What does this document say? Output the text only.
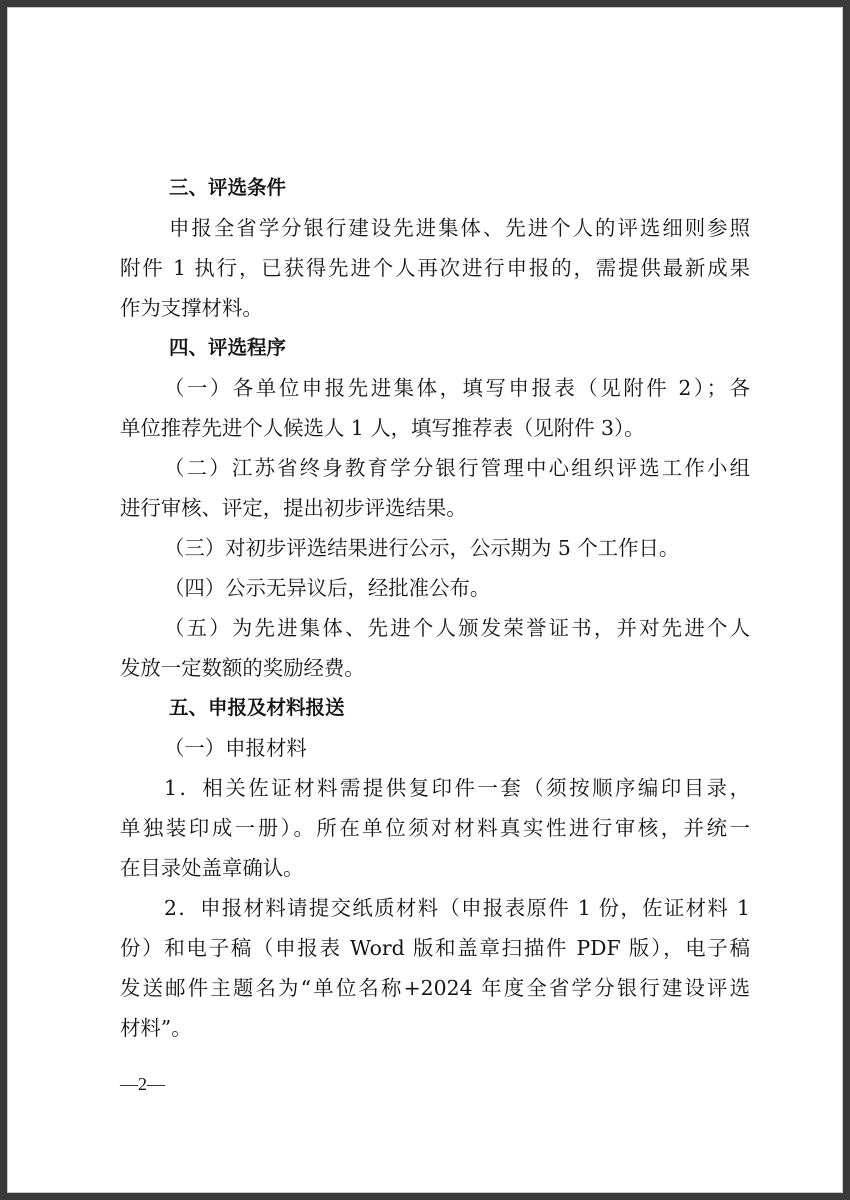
三、评选条件
申报全省学分银行建设先进集体、先进个人的评选细则参照
附件 1 执行，已获得先进个人再次进行申报的，需提供最新成果
作为支撑材料。
四、评选程序
（一）各单位申报先进集体，填写申报表（见附件 2）；各
单位推荐先进个人候选人 1 人，填写推荐表（见附件 3）。
（二）江苏省终身教育学分银行管理中心组织评选工作小组
进行审核、评定，提出初步评选结果。
（三）对初步评选结果进行公示，公示期为 5 个工作日。
（四）公示无异议后，经批准公布。
（五）为先进集体、先进个人颁发荣誉证书，并对先进个人
发放一定数额的奖励经费。
五、申报及材料报送
（一）申报材料
1．相关佐证材料需提供复印件一套（须按顺序编印目录，
单独装印成一册）。所在单位须对材料真实性进行审核，并统一
在目录处盖章确认。
2．申报材料请提交纸质材料（申报表原件 1 份，佐证材料 1
份）和电子稿（申报表 Word 版和盖章扫描件 PDF 版），电子稿
发送邮件主题名为“单位名称+2024 年度全省学分银行建设评选
材料”。
—2—
